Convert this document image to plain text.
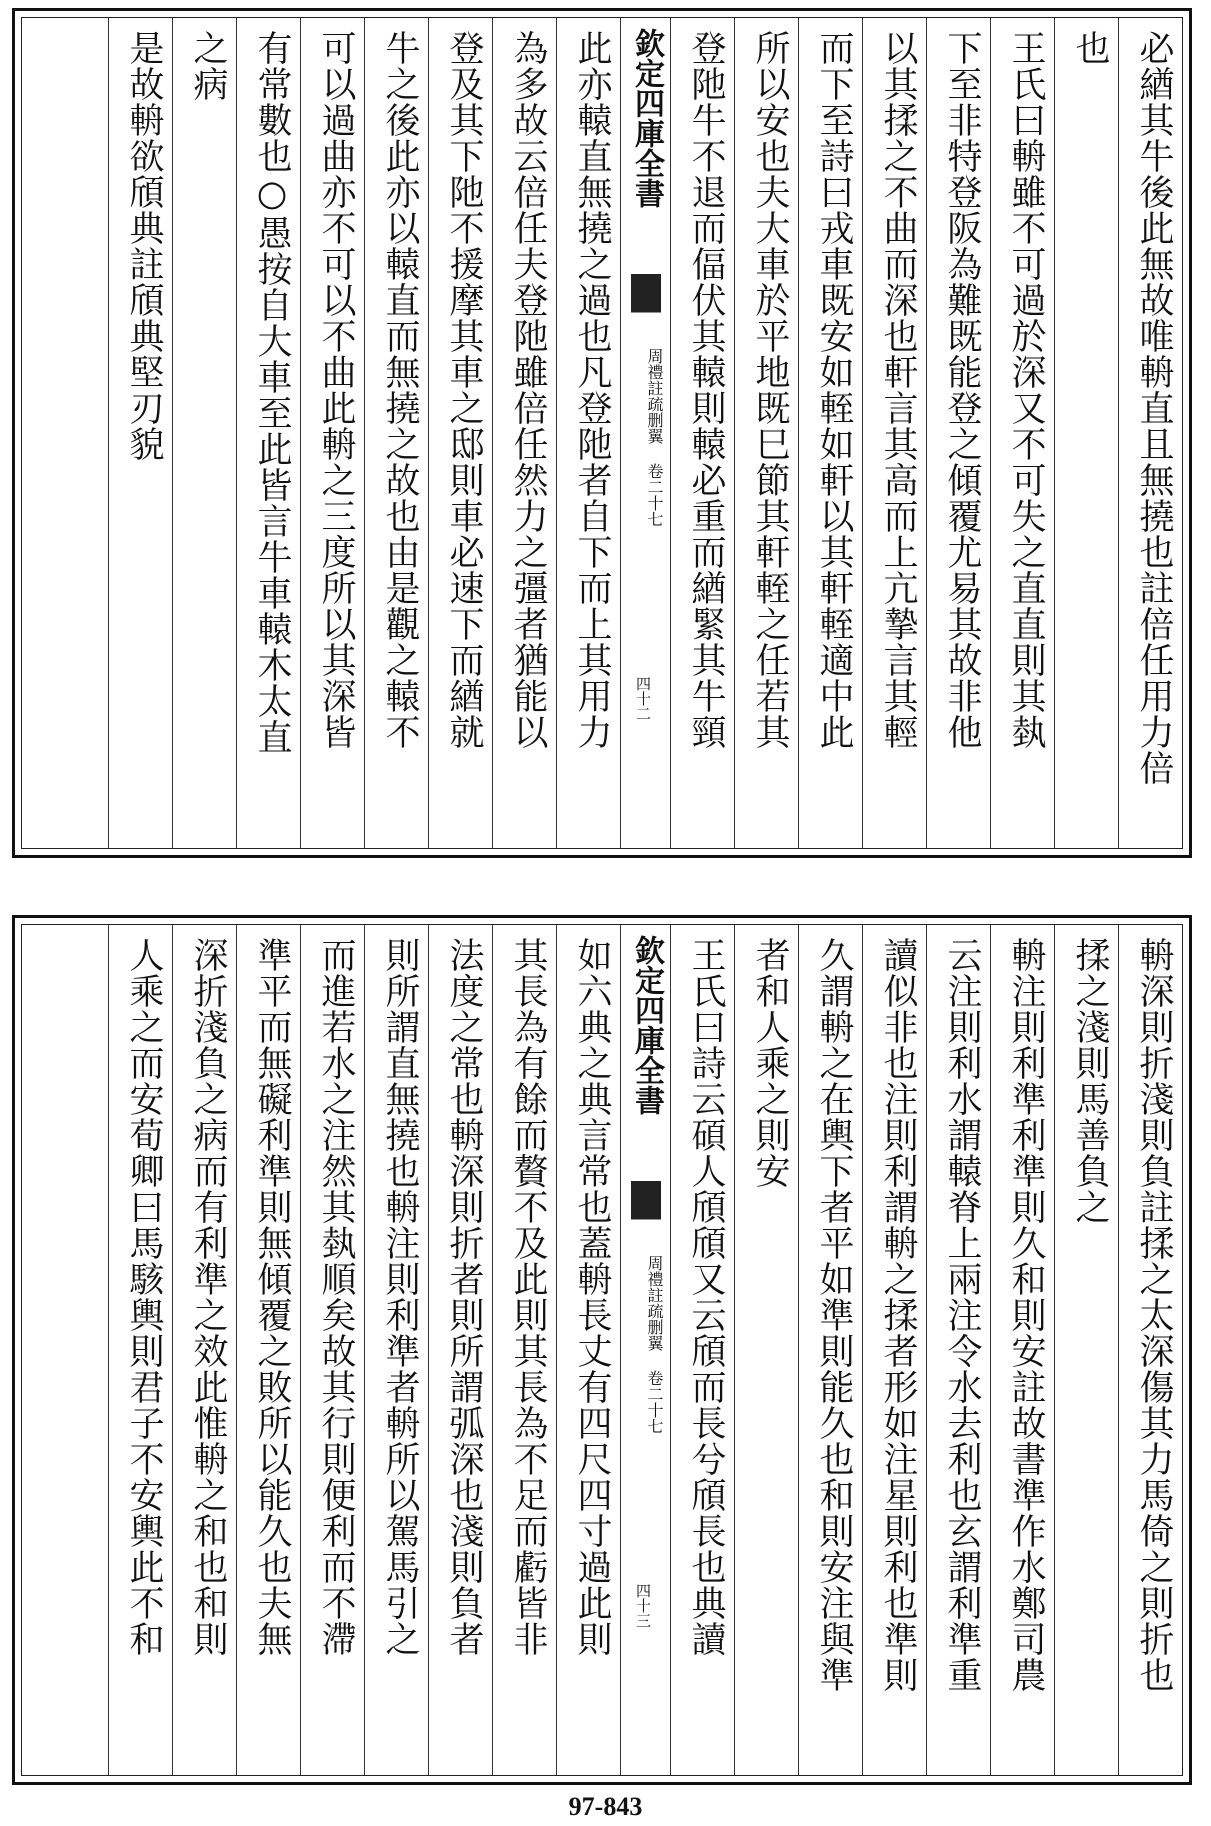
必緧其牛後此無故唯輈直且無撓也註倍任用力倍
也
王氏曰輈雖不可過於深又不可失之直直則其埶
下至非特登阪為難既能登之傾覆尤易其故非他
以其揉之不曲而深也軒言其高而上亢摯言其輕
而下至詩曰戎車既安如輊如軒以其軒輊適中此
所以安也夫大車於平地既巳節其軒輊之任若其
登阤牛不退而偪伏其轅則轅必重而緧緊其牛頸
欽定四庫全書
周禮註疏删翼 卷二十七
四十二
此亦轅直無撓之過也凡登阤者自下而上其用力
為多故云倍任夫登阤雖倍任然力之彊者猶能以
登及其下阤不援摩其車之邸則車必速下而緧就
牛之後此亦以轅直而無撓之故也由是觀之轅不
可以過曲亦不可以不曲此輈之三度所以其深皆
有常數也○愚按自大車至此皆言牛車轅木太直
之病
是故輈欲頎典註頎典堅刃貌
輈深則折淺則負註揉之太深傷其力馬倚之則折也
揉之淺則馬善負之
輈注則利準利準則久和則安註故書準作水鄭司農
云注則利水謂轅脊上兩注令水去利也玄謂利準重
讀似非也注則利謂輈之揉者形如注星則利也準則
久謂輈之在輿下者平如準則能久也和則安注與準
者和人乘之則安
王氏曰詩云碩人頎頎又云頎而長兮頎長也典讀
欽定四庫全書
周禮註疏删翼 卷二十七
四十三
如六典之典言常也蓋輈長丈有四尺四寸過此則
其長為有餘而贅不及此則其長為不足而虧皆非
法度之常也輈深則折者則所謂弧深也淺則負者
則所謂直無撓也輈注則利準者輈所以駕馬引之
而進若水之注然其埶順矣故其行則便利而不滯
準平而無礙利準則無傾覆之敗所以能久也夫無
深折淺負之病而有利準之效此惟輈之和也和則
人乘之而安荀卿曰馬駭輿則君子不安輿此不和
97-843
